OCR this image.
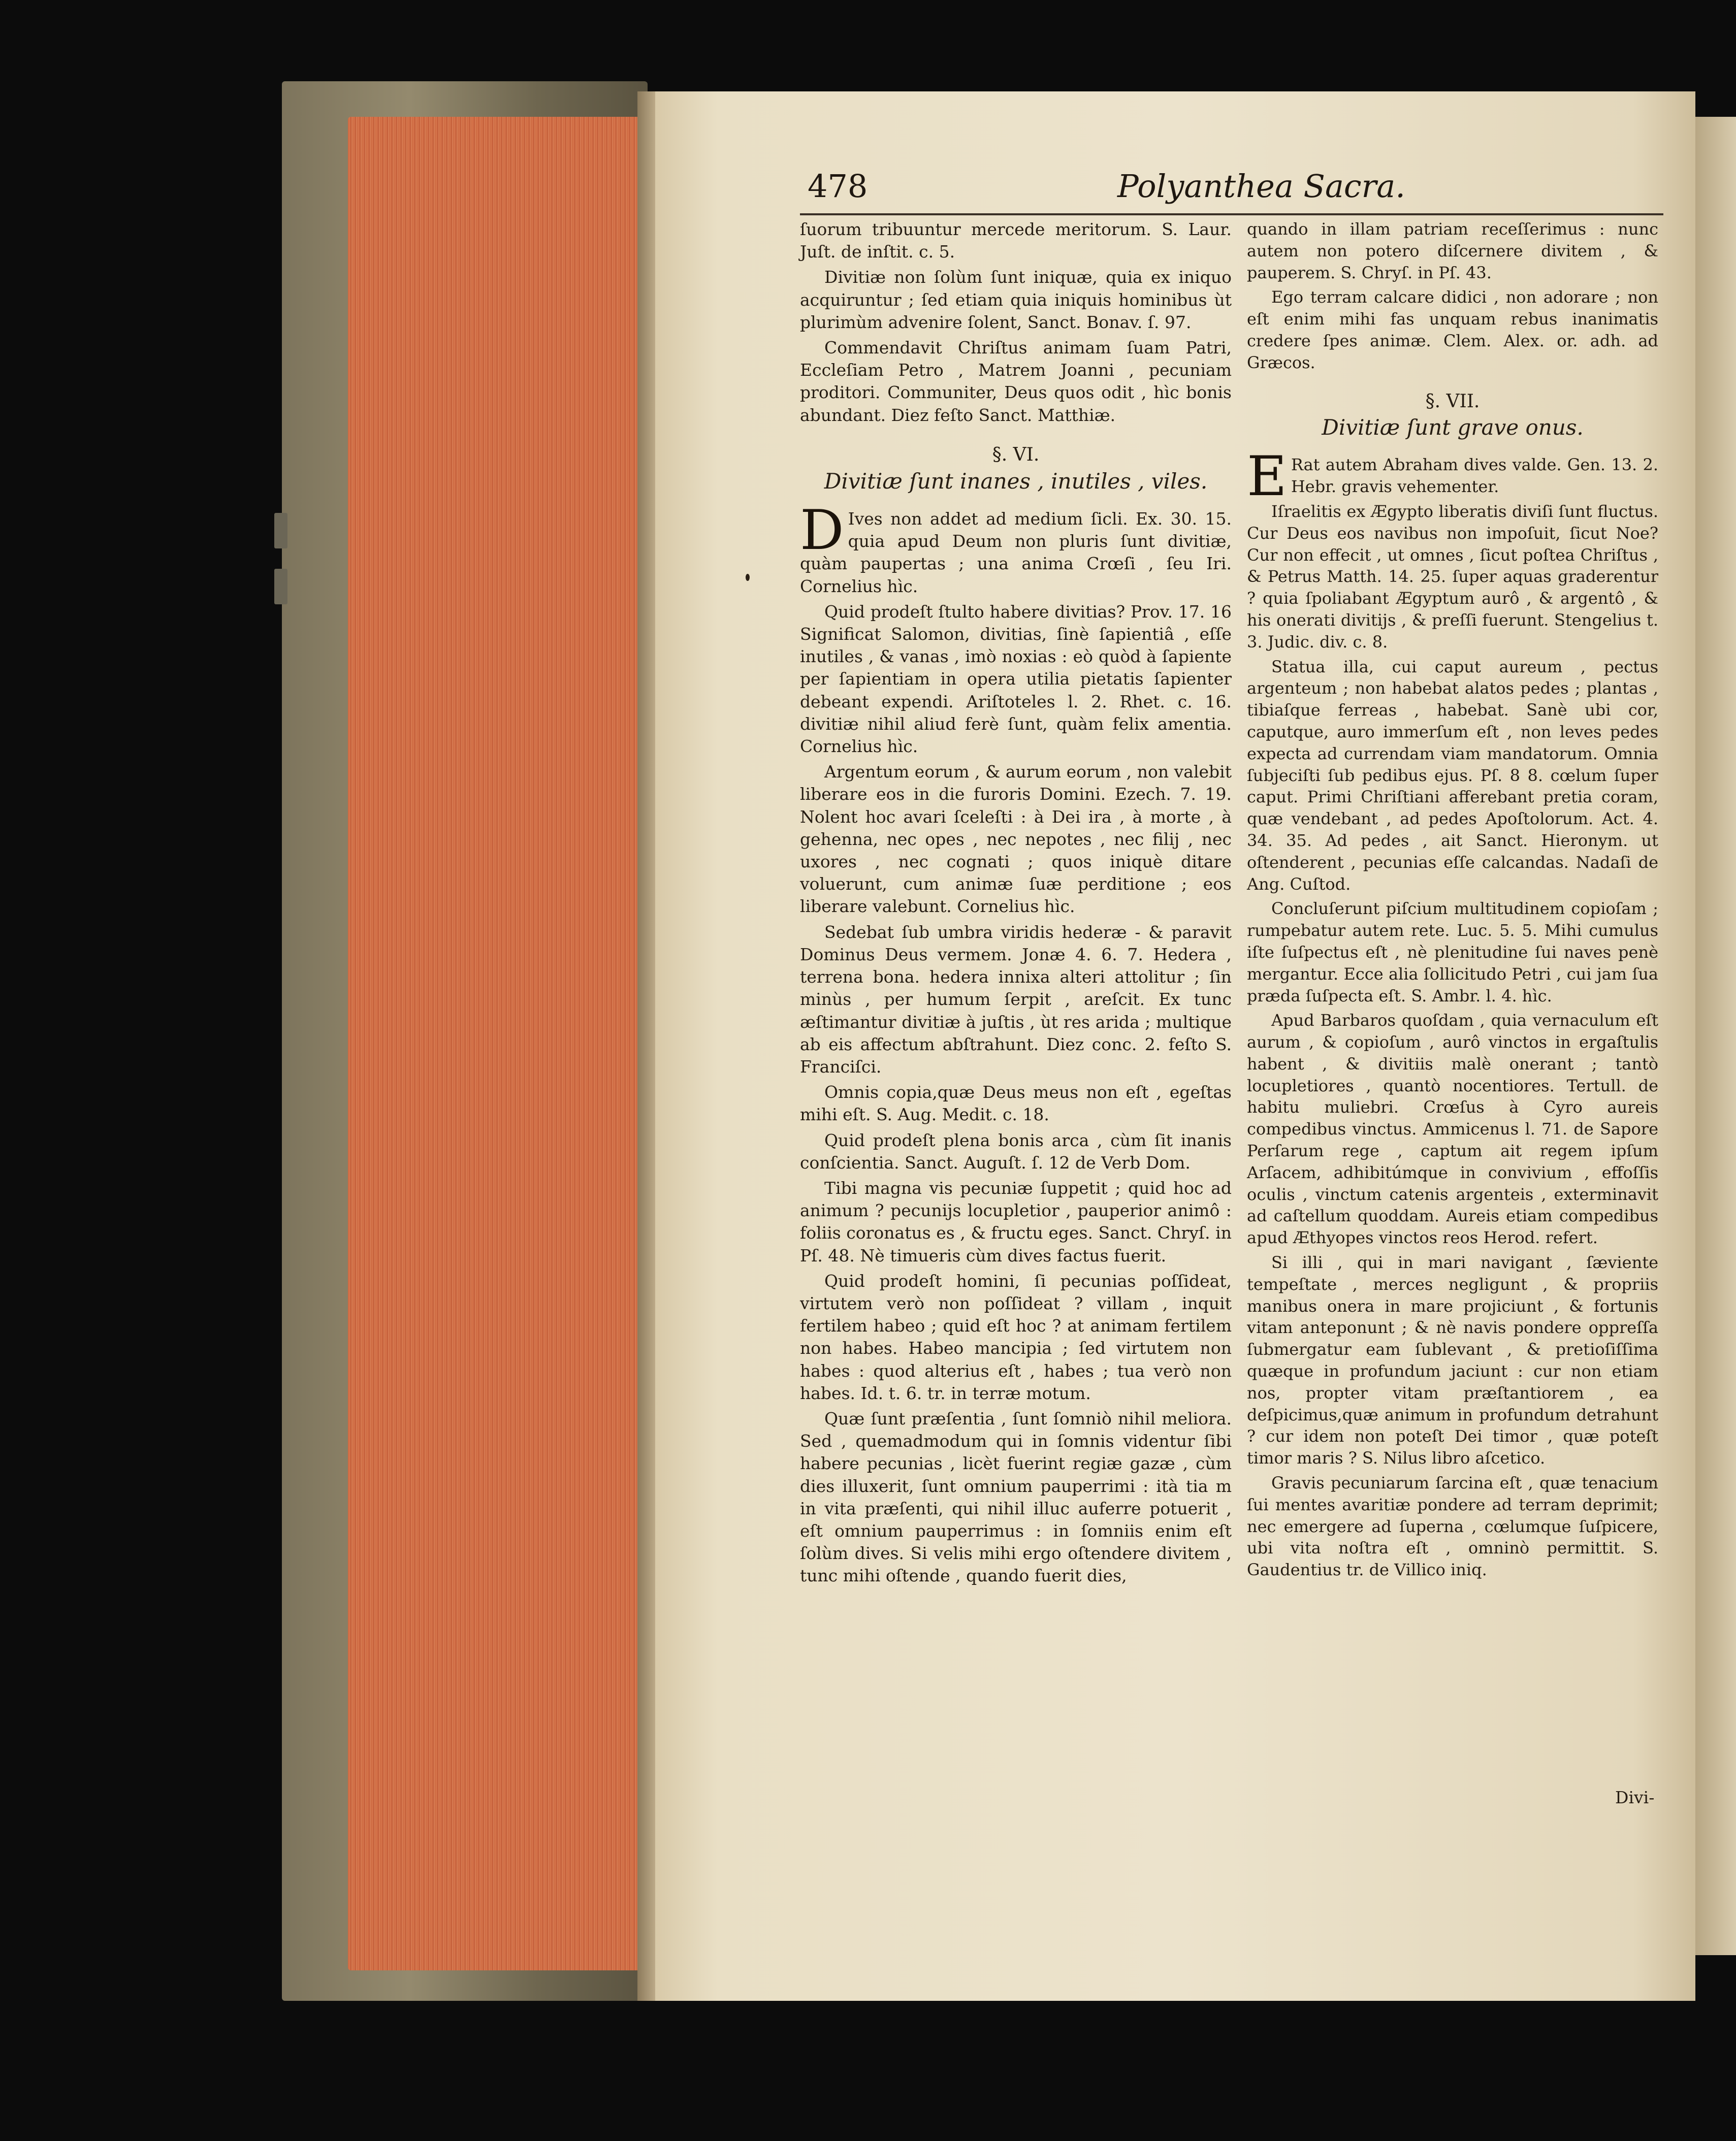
478	Polyanthea Sacra.

ſuorum tribuuntur mercede meritorum. S. Laur. Juſt. de inſtit. c. 5.

Divitiæ non ſolùm ſunt iniquæ, quia ex iniquo acquiruntur ; ſed etiam quia iniquis hominibus ùt plurimùm advenire ſolent, Sanct. Bonav. ſ. 97.

Commendavit Chriſtus animam ſuam Patri, Eccleſiam Petro , Matrem Joanni , pecuniam proditori. Communiter, Deus quos odit , hìc bonis abundant. Diez feſto Sanct. Matthiæ.

§. VI.
Divitiæ ſunt inanes , inutiles , viles.

D Ives non addet ad medium ſicli. Ex. 30. 15. quia apud Deum non pluris ſunt divitiæ, quàm paupertas ; una anima Crœſi , ſeu Iri. Cornelius hìc.

Quid prodeſt ſtulto habere divitias? Prov. 17. 16 Significat Salomon, divitias, ſinè ſapientiâ , eſſe inutiles , & vanas , imò noxias : eò quòd à ſapiente per ſapientiam in opera utilia pietatis ſapienter debeant expendi. Ariſtoteles l. 2. Rhet. c. 16. divitiæ nihil aliud ferè ſunt, quàm felix amentia. Cornelius hìc.

Argentum eorum , & aurum eorum , non valebit liberare eos in die furoris Domini. Ezech. 7. 19. Nolent hoc avari ſceleſti : à Dei ira , à morte , à gehenna, nec opes , nec nepotes , nec filij , nec uxores , nec cognati ; quos iniquè ditare voluerunt, cum animæ ſuæ perditione ; eos liberare valebunt. Cornelius hìc.

Sedebat ſub umbra viridis hederæ - & paravit Dominus Deus vermem. Jonæ 4. 6. 7. Hedera , terrena bona. hedera innixa alteri attolitur ; ſin minùs , per humum ſerpit , areſcit. Ex tunc æſtimantur divitiæ à juſtis , ùt res arida ; multique ab eis affectum abſtrahunt. Diez conc. 2. feſto S. Franciſci.

Omnis copia,quæ Deus meus non eſt , egeſtas mihi eſt. S. Aug. Medit. c. 18.

Quid prodeſt plena bonis arca , cùm ſit inanis conſcientia. Sanct. Auguſt. ſ. 12 de Verb Dom.

Tibi magna vis pecuniæ ſuppetit ; quid hoc ad animum ? pecunijs locupletior , pauperior animô : foliis coronatus es , & fructu eges. Sanct. Chryſ. in Pſ. 48. Nè timueris cùm dives factus fuerit.

Quid prodeſt homini, ſi pecunias poſſideat, virtutem verò non poſſideat ? villam , inquit fertilem habeo ; quid eſt hoc ? at animam fertilem non habes. Habeo mancipia ; ſed virtutem non habes : quod alterius eſt , habes ; tua verò non habes. Id. t. 6. tr. in terræ motum.

Quæ ſunt præſentia , ſunt ſomniò nihil meliora. Sed , quemadmodum qui in ſomnis videntur ſibi habere pecunias , licèt fuerint regiæ gazæ , cùm dies illuxerit, ſunt omnium pauperrimi : ità tia m in vita præſenti, qui nihil illuc auferre potuerit , eſt omnium pauperrimus : in ſomniis enim eſt ſolùm dives. Si velis mihi ergo oſtendere divitem , tunc mihi oſtende , quando fuerit dies,

quando in illam patriam receſſerimus : nunc autem non potero diſcernere divitem , & pauperem. S. Chryſ. in Pſ. 43.

Ego terram calcare didici , non adorare ; non eſt enim mihi fas unquam rebus inanimatis credere ſpes animæ. Clem. Alex. or. adh. ad Græcos.

§. VII.
Divitiæ ſunt grave onus.

E Rat autem Abraham dives valde. Gen. 13. 2. Hebr. gravis vehementer.

Iſraelitis ex Ægypto liberatis diviſi ſunt fluctus. Cur Deus eos navibus non impoſuit, ſicut Noe? Cur non effecit , ut omnes , ſicut poſtea Chriſtus , & Petrus Matth. 14. 25. ſuper aquas graderentur ? quia ſpoliabant Ægyptum aurô , & argentô , & his onerati divitijs , & preſſi fuerunt. Stengelius t. 3. Judic. div. c. 8.

Statua illa, cui caput aureum , pectus argenteum ; non habebat alatos pedes ; plantas , tibiaſque ferreas , habebat. Sanè ubi cor, caputque, auro immerſum eſt , non leves pedes expecta ad currendam viam mandatorum. Omnia ſubjeciſti ſub pedibus ejus. Pſ. 8 8. cœlum ſuper caput. Primi Chriſtiani afferebant pretia coram, quæ vendebant , ad pedes Apoſtolorum. Act. 4. 34. 35. Ad pedes , ait Sanct. Hieronym. ut oſtenderent , pecunias eſſe calcandas. Nadaſi de Ang. Cuſtod.

Concluſerunt piſcium multitudinem copioſam ; rumpebatur autem rete. Luc. 5. 5. Mihi cumulus iſte ſuſpectus eſt , nè plenitudine ſui naves penè mergantur. Ecce alia ſollicitudo Petri , cui jam ſua præda ſuſpecta eſt. S. Ambr. l. 4. hìc.

Apud Barbaros quoſdam , quia vernaculum eſt aurum , & copioſum , aurô vinctos in ergaſtulis habent , & divitiis malè onerant ; tantò locupletiores , quantò nocentiores. Tertull. de habitu muliebri. Crœſus à Cyro aureis compedibus vinctus. Ammicenus l. 71. de Sapore Perſarum rege , captum ait regem ipſum Arſacem, adhibitúmque in convivium , effoſſis oculis , vinctum catenis argenteis , exterminavit ad caſtellum quoddam. Aureis etiam compedibus apud Æthyopes vinctos reos Herod. refert.

Si illi , qui in mari navigant , ſæviente tempeſtate , merces negligunt , & propriis manibus onera in mare projiciunt , & fortunis vitam anteponunt ; & nè navis pondere oppreſſa ſubmergatur eam ſublevant , & pretioſiſſima quæque in profundum jaciunt : cur non etiam nos, propter vitam præſtantiorem , ea deſpicimus,quæ animum in profundum detrahunt ? cur idem non poteſt Dei timor , quæ poteſt timor maris ? S. Nilus libro aſcetico.

Gravis pecuniarum ſarcina eſt , quæ tenacium ſui mentes avaritiæ pondere ad terram deprimit; nec emergere ad ſuperna , cœlumque ſuſpicere, ubi vita noſtra eſt , omninò permittit. S. Gaudentius tr. de Villico iniq.

Divi-
